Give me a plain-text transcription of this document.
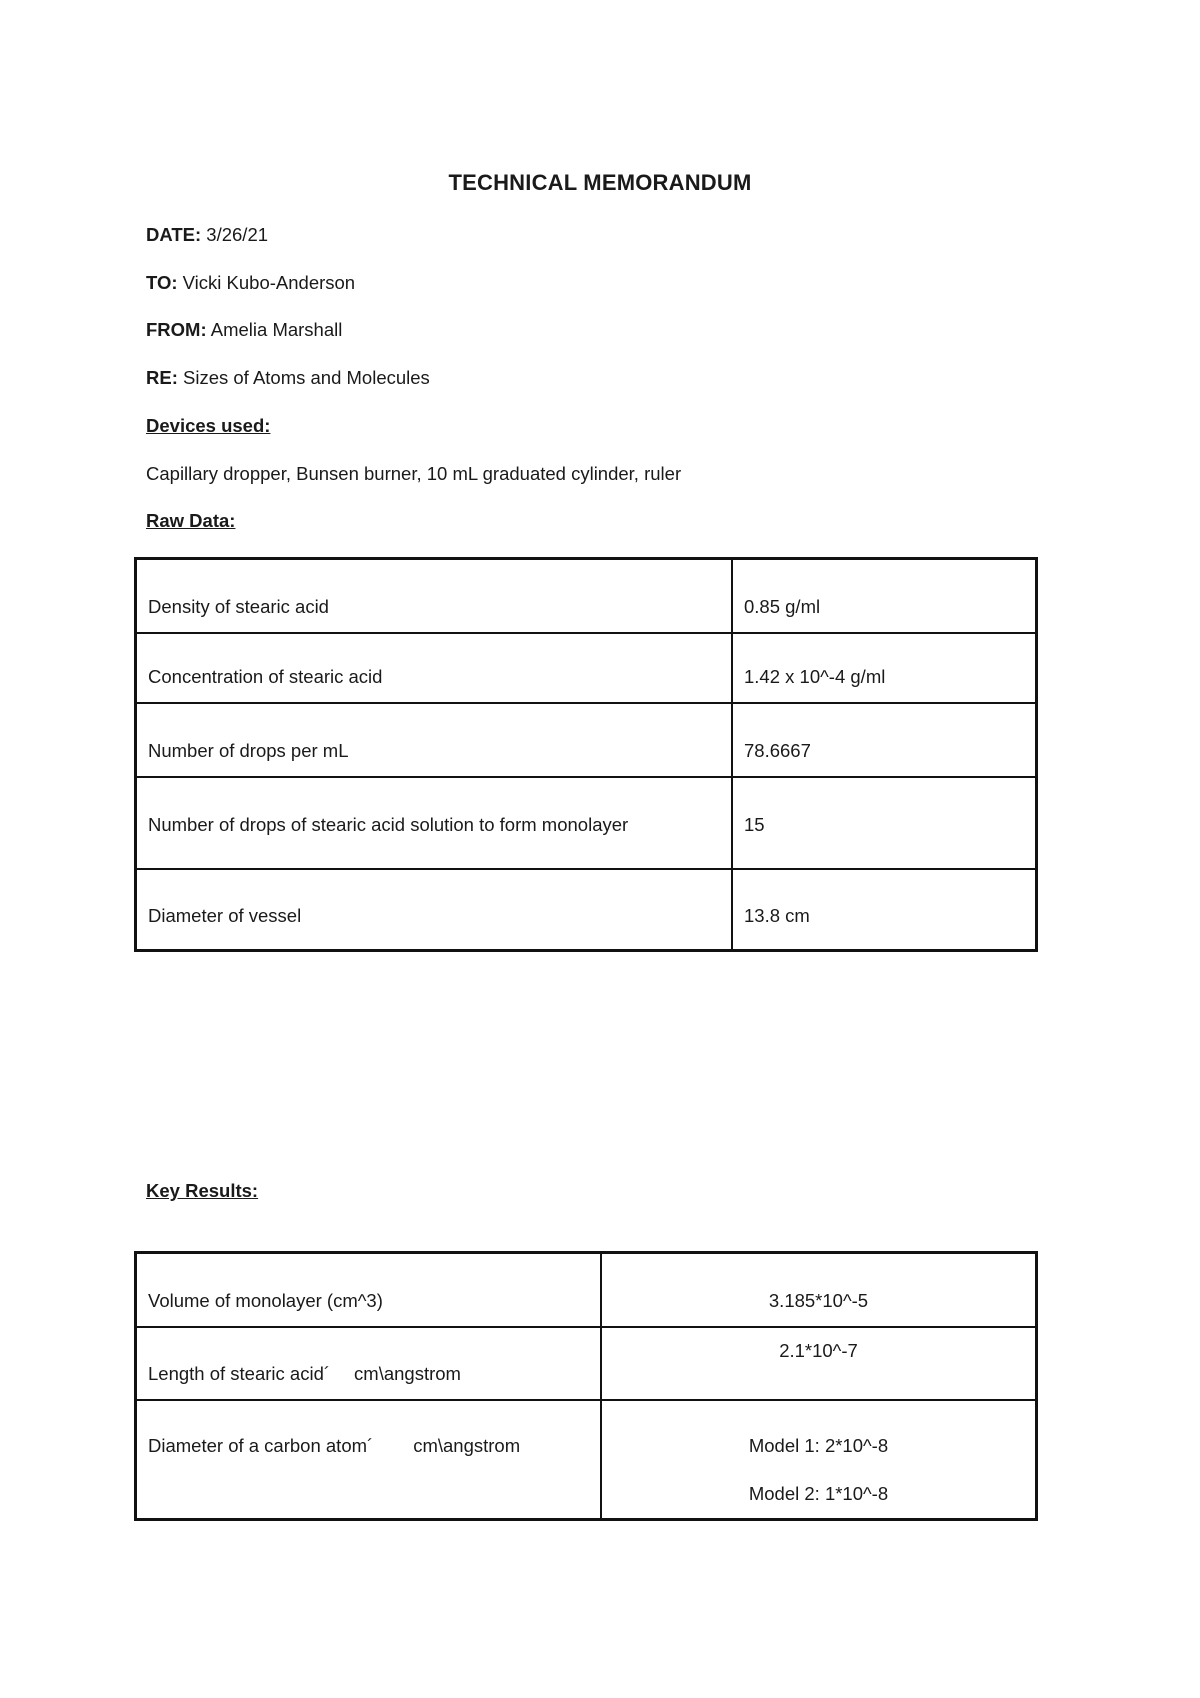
TECHNICAL MEMORANDUM
DATE: 3/26/21
TO: Vicki Kubo-Anderson
FROM: Amelia Marshall
RE: Sizes of Atoms and Molecules
Devices used:
Capillary dropper, Bunsen burner, 10 mL graduated cylinder, ruler
Raw Data:
Density of stearic acid	0.85 g/ml
Concentration of stearic acid	1.42 x 10^-4 g/ml
Number of drops per mL	78.6667
Number of drops of stearic acid solution to form monolayer	15
Diameter of vessel	13.8 cm
Key Results:
Volume of monolayer (cm^3)	3.185*10^-5
Length of stearic acid´ cm\angstrom	2.1*10^-7
Diameter of a carbon atom´ cm\angstrom	Model 1: 2*10^-8
Model 2: 1*10^-8
